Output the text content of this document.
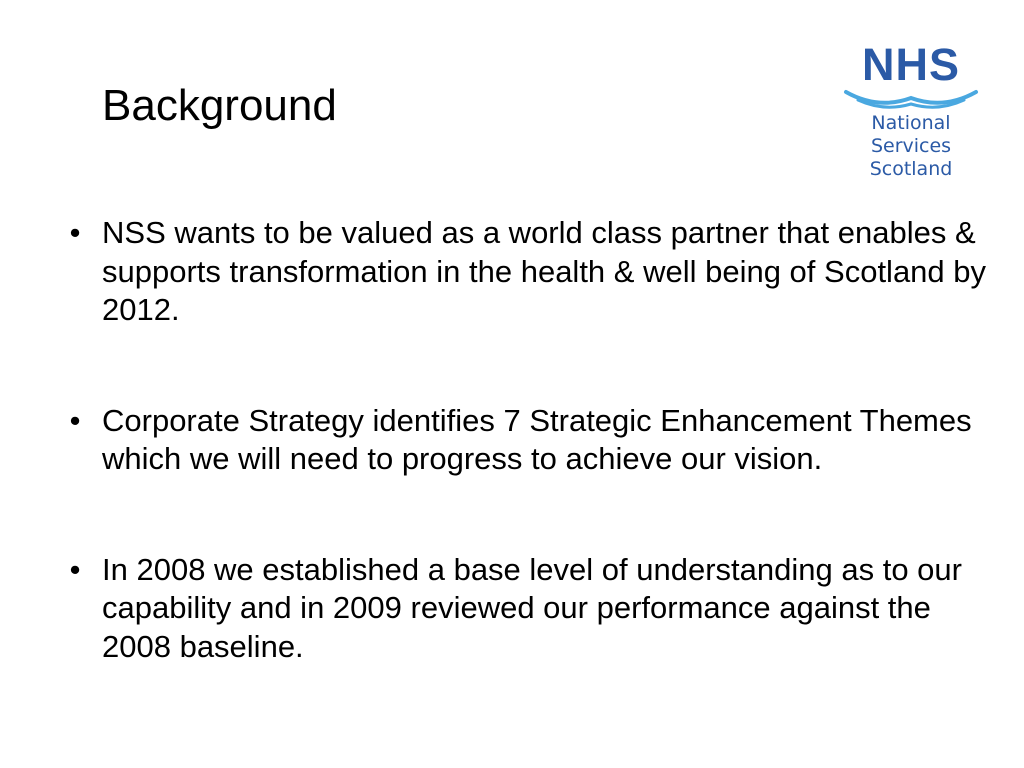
Background
NHS
National
Services
Scotland
• NSS wants to be valued as a world class partner that enables & supports transformation in the health & well being of Scotland by 2012.
• Corporate Strategy identifies 7 Strategic Enhancement Themes which we will need to progress to achieve our vision.
• In 2008 we established a base level of understanding as to our capability and in 2009 reviewed our performance against the 2008 baseline.
